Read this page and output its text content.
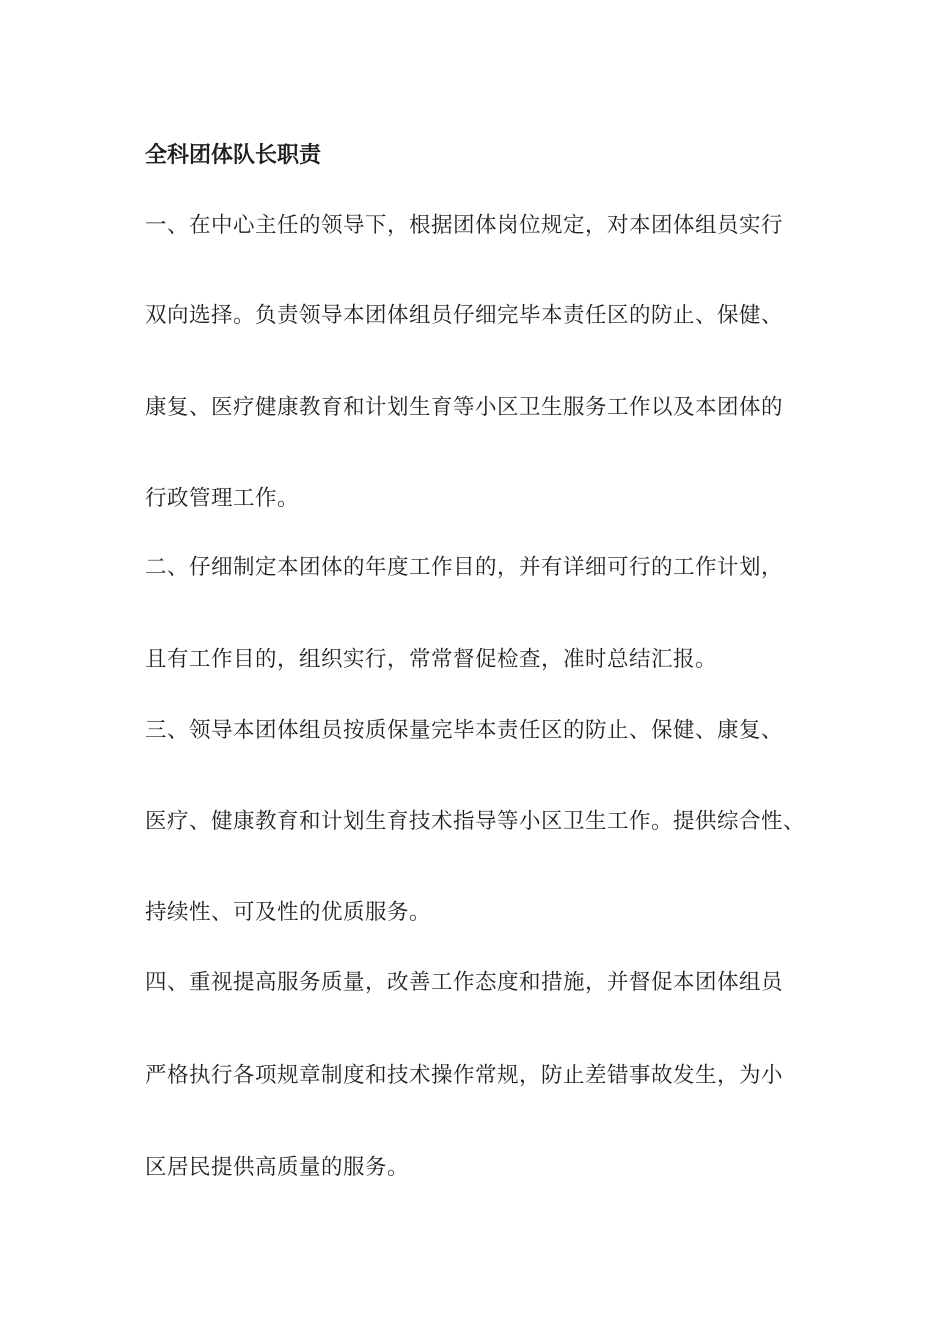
全科团体队长职责
一、在中心主任的领导下，根据团体岗位规定，对本团体组员实行
双向选择。负责领导本团体组员仔细完毕本责任区的防止、保健、
康复、医疗健康教育和计划生育等小区卫生服务工作以及本团体的
行政管理工作。
二、仔细制定本团体的年度工作目的，并有详细可行的工作计划，
且有工作目的，组织实行，常常督促检查，准时总结汇报。
三、领导本团体组员按质保量完毕本责任区的防止、保健、康复、
医疗、健康教育和计划生育技术指导等小区卫生工作。提供综合性、
持续性、可及性的优质服务。
四、重视提高服务质量，改善工作态度和措施，并督促本团体组员
严格执行各项规章制度和技术操作常规，防止差错事故发生，为小
区居民提供高质量的服务。
